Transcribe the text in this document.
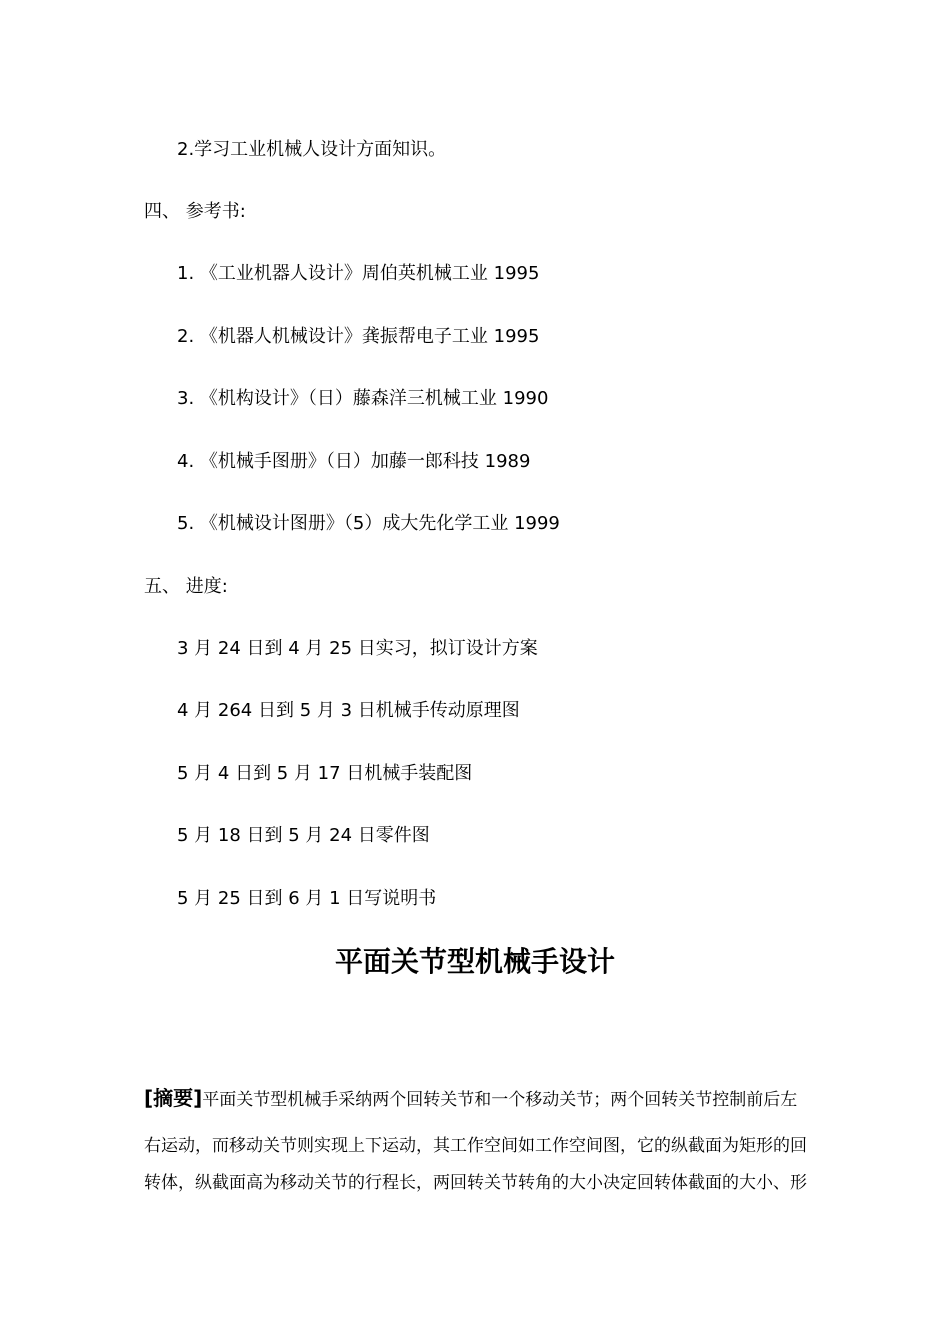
2.学习工业机械人设计方面知识。
四、 参考书:
1. 《工业机器人设计》周伯英机械工业 1995
2. 《机器人机械设计》龚振帮电子工业 1995
3. 《机构设计》（日）藤森洋三机械工业 1990
4. 《机械手图册》（日）加藤一郎科技 1989
5. 《机械设计图册》（5）成大先化学工业 1999
五、 进度:
3 月 24 日到 4 月 25 日实习，拟订设计方案
4 月 264 日到 5 月 3 日机械手传动原理图
5 月 4 日到 5 月 17 日机械手装配图
5 月 18 日到 5 月 24 日零件图
5 月 25 日到 6 月 1 日写说明书
平面关节型机械手设计
[摘要]平面关节型机械手采纳两个回转关节和一个移动关节；两个回转关节控制前后左
右运动，而移动关节则实现上下运动，其工作空间如工作空间图，它的纵截面为矩形的回
转体，纵截面高为移动关节的行程长，两回转关节转角的大小决定回转体截面的大小、形
